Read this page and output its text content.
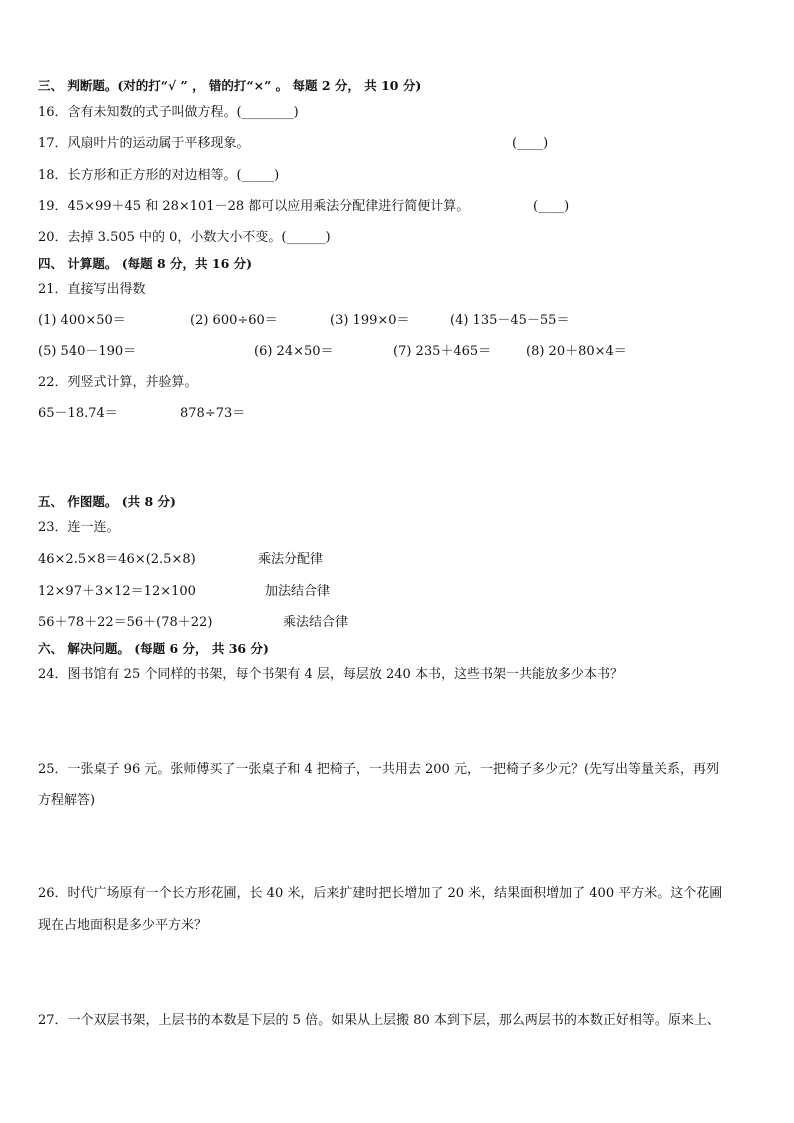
三、 判断题。(对的打“√ ” ， 错的打“×” 。 每题 2 分， 共 10 分)
16．含有未知数的式子叫做方程。(________)
17．风扇叶片的运动属于平移现象。	(____)
18．长方形和正方形的对边相等。(_____)
19．45×99＋45 和 28×101－28 都可以应用乘法分配律进行简便计算。	(____)
20．去掉 3.505 中的 0，小数大小不变。(______)
四、 计算题。 (每题 8 分，共 16 分)
21．直接写出得数
(1) 400×50＝	(2) 600÷60＝	(3) 199×0＝	(4) 135－45－55＝
(5) 540－190＝	(6) 24×50＝	(7) 235＋465＝	(8) 20＋80×4＝
22．列竖式计算，并验算。
65－18.74＝	878÷73＝
五、 作图题。 (共 8 分)
23．连一连。
46×2.5×8＝46×(2.5×8)	乘法分配律
12×97＋3×12＝12×100	加法结合律
56＋78＋22＝56＋(78＋22)	乘法结合律
六、 解决问题。 (每题 6 分， 共 36 分)
24．图书馆有 25 个同样的书架，每个书架有 4 层，每层放 240 本书，这些书架一共能放多少本书？
25．一张桌子 96 元。张师傅买了一张桌子和 4 把椅子，一共用去 200 元，一把椅子多少元？(先写出等量关系，再列
方程解答)
26．时代广场原有一个长方形花圃，长 40 米，后来扩建时把长增加了 20 米，结果面积增加了 400 平方米。这个花圃
现在占地面积是多少平方米？
27．一个双层书架，上层书的本数是下层的 5 倍。如果从上层搬 80 本到下层，那么两层书的本数正好相等。原来上、
